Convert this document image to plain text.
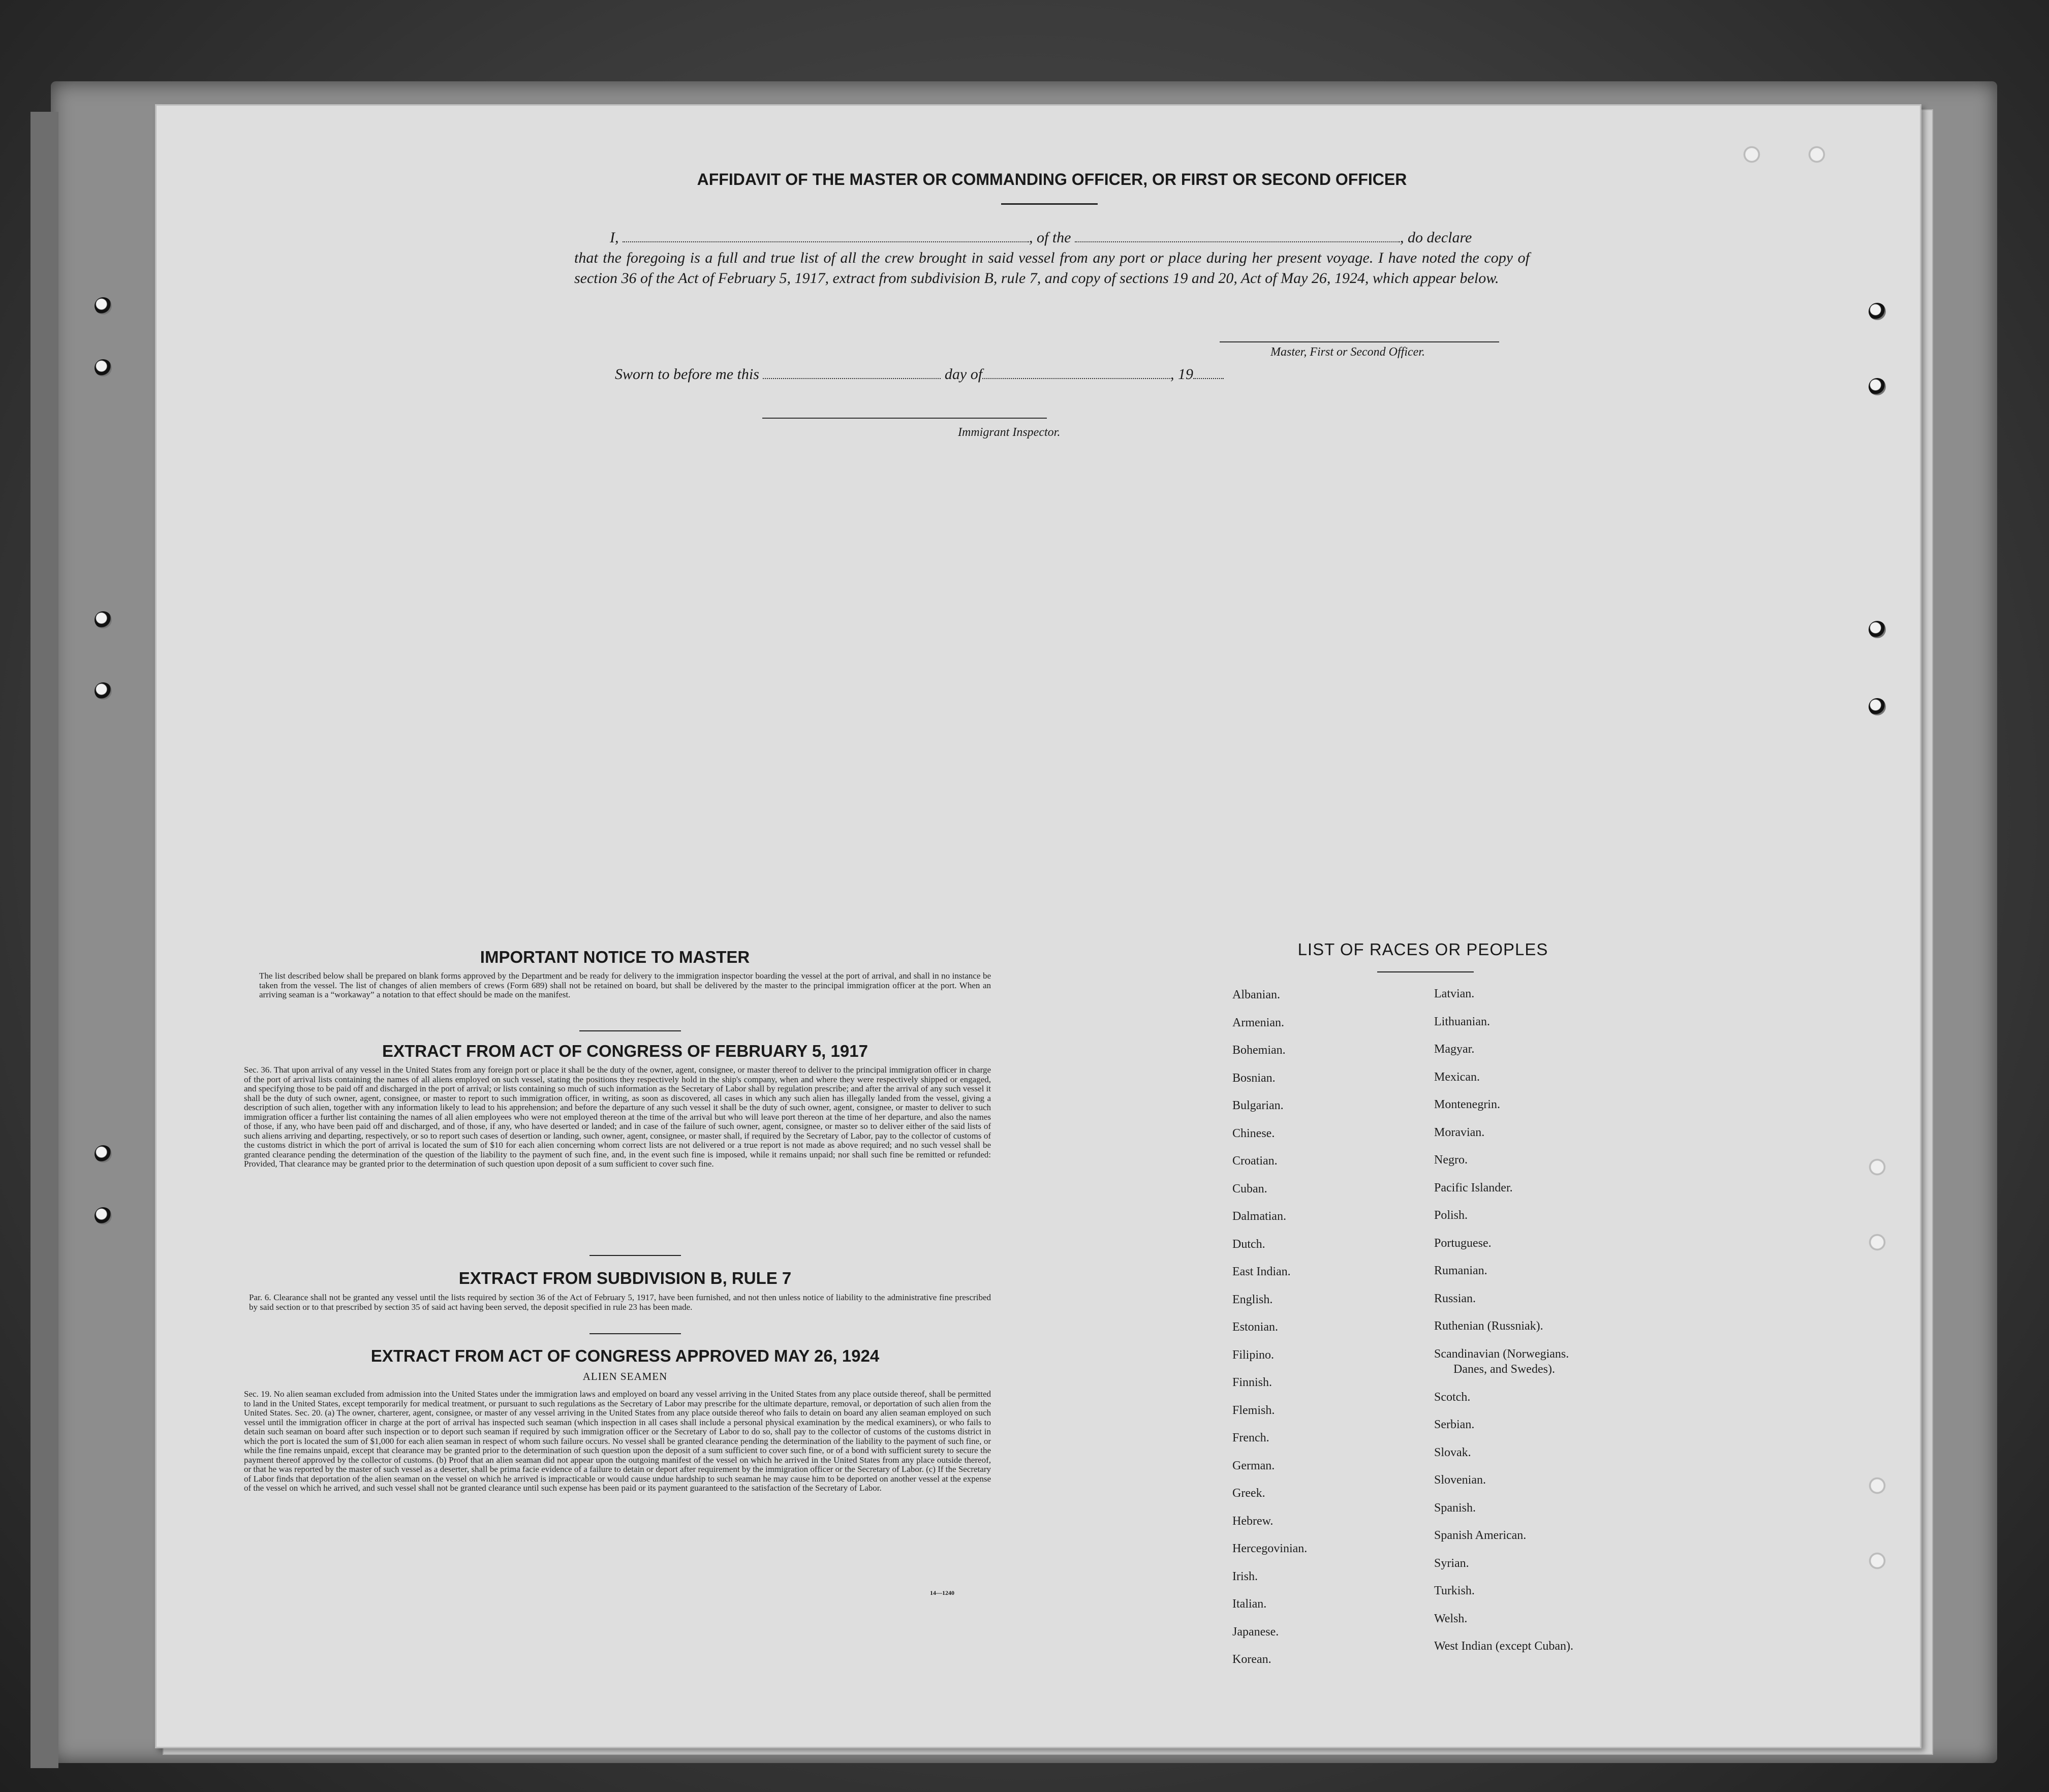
AFFIDAVIT OF THE MASTER OR COMMANDING OFFICER, OR FIRST OR SECOND OFFICER
I,	, of the	, do declare
that the foregoing is a full and true list of all the crew brought in said vessel from any port or place during her present voyage. I have noted the copy of section 36 of the Act of February 5, 1917, extract from subdivision B, rule 7, and copy of sections 19 and 20, Act of May 26, 1924, which appear below.
Master, First or Second Officer.
Sworn to before me this	day of	, 19
Immigrant Inspector.
IMPORTANT NOTICE TO MASTER
The list described below shall be prepared on blank forms approved by the Department and be ready for delivery to the immigration inspector boarding the vessel at the port of arrival, and shall in no instance be taken from the vessel. The list of changes of alien members of crews (Form 689) shall not be retained on board, but shall be delivered by the master to the principal immigration officer at the port. When an arriving seaman is a “workaway” a notation to that effect should be made on the manifest.
EXTRACT FROM ACT OF CONGRESS OF FEBRUARY 5, 1917
Sec. 36. That upon arrival of any vessel in the United States from any foreign port or place it shall be the duty of the owner, agent, consignee, or master thereof to deliver to the principal immigration officer in charge of the port of arrival lists containing the names of all aliens employed on such vessel, stating the positions they respectively hold in the ship's company, when and where they were respectively shipped or engaged, and specifying those to be paid off and discharged in the port of arrival; or lists containing so much of such information as the Secretary of Labor shall by regulation prescribe; and after the arrival of any such vessel it shall be the duty of such owner, agent, consignee, or master to report to such immigration officer, in writing, as soon as discovered, all cases in which any such alien has illegally landed from the vessel, giving a description of such alien, together with any information likely to lead to his apprehension; and before the departure of any such vessel it shall be the duty of such owner, agent, consignee, or master to deliver to such immigration officer a further list containing the names of all alien employees who were not employed thereon at the time of the arrival but who will leave port thereon at the time of her departure, and also the names of those, if any, who have been paid off and discharged, and of those, if any, who have deserted or landed; and in case of the failure of such owner, agent, consignee, or master so to deliver either of the said lists of such aliens arriving and departing, respectively, or so to report such cases of desertion or landing, such owner, agent, consignee, or master shall, if required by the Secretary of Labor, pay to the collector of customs of the customs district in which the port of arrival is located the sum of $10 for each alien concerning whom correct lists are not delivered or a true report is not made as above required; and no such vessel shall be granted clearance pending the determination of the question of the liability to the payment of such fine, and, in the event such fine is imposed, while it remains unpaid; nor shall such fine be remitted or refunded: Provided, That clearance may be granted prior to the determination of such question upon deposit of a sum sufficient to cover such fine.
EXTRACT FROM SUBDIVISION B, RULE 7
Par. 6. Clearance shall not be granted any vessel until the lists required by section 36 of the Act of February 5, 1917, have been furnished, and not then unless notice of liability to the administrative fine prescribed by said section or to that prescribed by section 35 of said act having been served, the deposit specified in rule 23 has been made.
EXTRACT FROM ACT OF CONGRESS APPROVED MAY 26, 1924
ALIEN SEAMEN
Sec. 19. No alien seaman excluded from admission into the United States under the immigration laws and employed on board any vessel arriving in the United States from any place outside thereof, shall be permitted to land in the United States, except temporarily for medical treatment, or pursuant to such regulations as the Secretary of Labor may prescribe for the ultimate departure, removal, or deportation of such alien from the United States. Sec. 20. (a) The owner, charterer, agent, consignee, or master of any vessel arriving in the United States from any place outside thereof who fails to detain on board any alien seaman employed on such vessel until the immigration officer in charge at the port of arrival has inspected such seaman (which inspection in all cases shall include a personal physical examination by the medical examiners), or who fails to detain such seaman on board after such inspection or to deport such seaman if required by such immigration officer or the Secretary of Labor to do so, shall pay to the collector of customs of the customs district in which the port is located the sum of $1,000 for each alien seaman in respect of whom such failure occurs. No vessel shall be granted clearance pending the determination of the liability to the payment of such fine, or while the fine remains unpaid, except that clearance may be granted prior to the determination of such question upon the deposit of a sum sufficient to cover such fine, or of a bond with sufficient surety to secure the payment thereof approved by the collector of customs. (b) Proof that an alien seaman did not appear upon the outgoing manifest of the vessel on which he arrived in the United States from any place outside thereof, or that he was reported by the master of such vessel as a deserter, shall be prima facie evidence of a failure to detain or deport after requirement by the immigration officer or the Secretary of Labor. (c) If the Secretary of Labor finds that deportation of the alien seaman on the vessel on which he arrived is impracticable or would cause undue hardship to such seaman he may cause him to be deported on another vessel at the expense of the vessel on which he arrived, and such vessel shall not be granted clearance until such expense has been paid or its payment guaranteed to the satisfaction of the Secretary of Labor.
14—1240
LIST OF RACES OR PEOPLES
Albanian.
Armenian.
Bohemian.
Bosnian.
Bulgarian.
Chinese.
Croatian.
Cuban.
Dalmatian.
Dutch.
East Indian.
English.
Estonian.
Filipino.
Finnish.
Flemish.
French.
German.
Greek.
Hebrew.
Hercegovinian.
Irish.
Italian.
Japanese.
Korean.
Latvian.
Lithuanian.
Magyar.
Mexican.
Montenegrin.
Moravian.
Negro.
Pacific Islander.
Polish.
Portuguese.
Rumanian.
Russian.
Ruthenian (Russniak).
Scandinavian (Norwegians.
Danes, and Swedes).
Scotch.
Serbian.
Slovak.
Slovenian.
Spanish.
Spanish American.
Syrian.
Turkish.
Welsh.
West Indian (except Cuban).
